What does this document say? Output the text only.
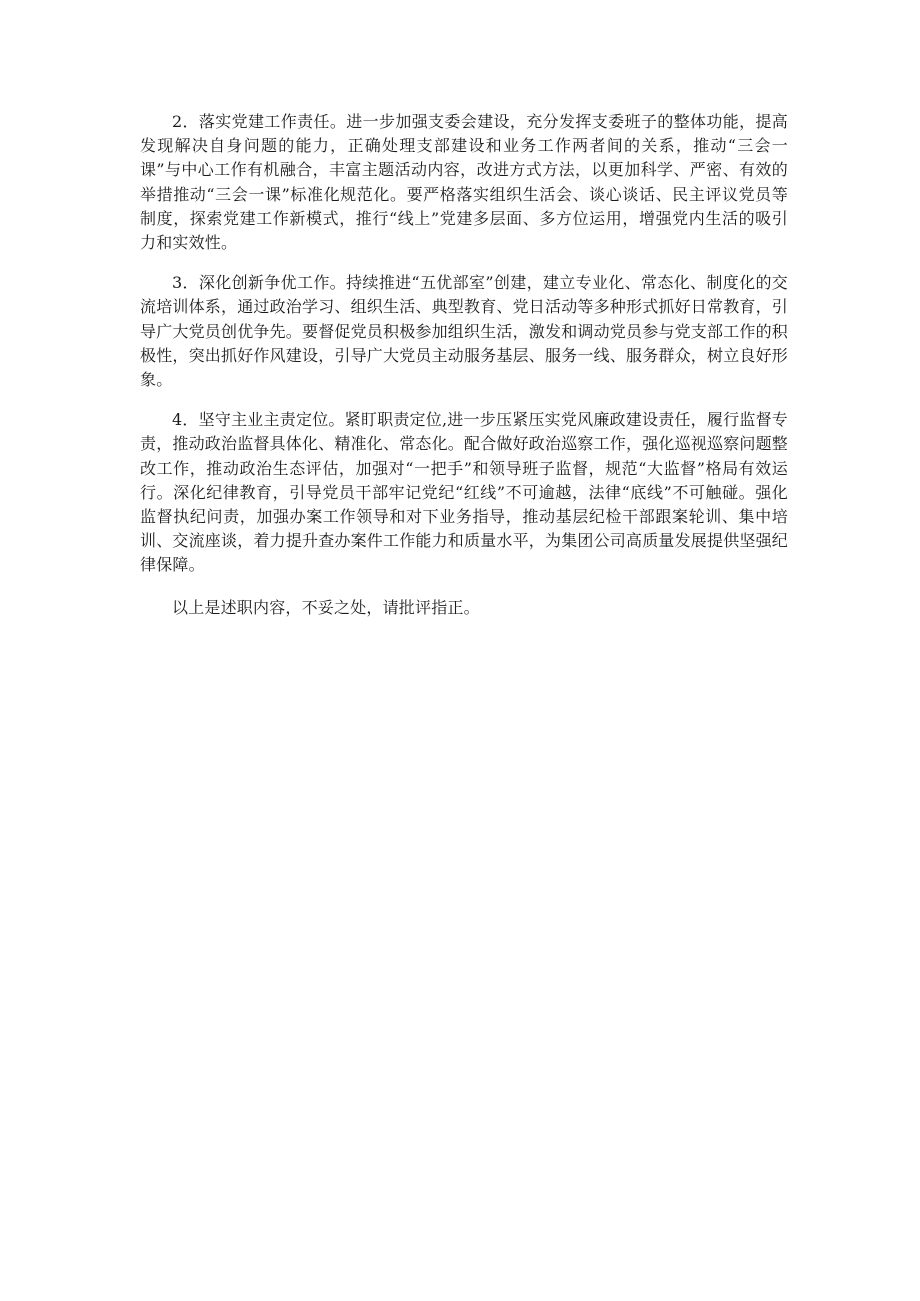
2．落实党建工作责任。进一步加强支委会建设，充分发挥支委班子的整体功能，提高发现解决自身问题的能力，正确处理支部建设和业务工作两者间的关系，推动“三会一课”与中心工作有机融合，丰富主题活动内容，改进方式方法，以更加科学、严密、有效的举措推动“三会一课”标准化规范化。要严格落实组织生活会、谈心谈话、民主评议党员等制度，探索党建工作新模式，推行“线上”党建多层面、多方位运用，增强党内生活的吸引力和实效性。

3．深化创新争优工作。持续推进“五优部室”创建，建立专业化、常态化、制度化的交流培训体系，通过政治学习、组织生活、典型教育、党日活动等多种形式抓好日常教育，引导广大党员创优争先。要督促党员积极参加组织生活，激发和调动党员参与党支部工作的积极性，突出抓好作风建设，引导广大党员主动服务基层、服务一线、服务群众，树立良好形象。

4．坚守主业主责定位。紧盯职责定位,进一步压紧压实党风廉政建设责任，履行监督专责，推动政治监督具体化、精准化、常态化。配合做好政治巡察工作，强化巡视巡察问题整改工作，推动政治生态评估，加强对“一把手”和领导班子监督，规范“大监督”格局有效运行。深化纪律教育，引导党员干部牢记党纪“红线”不可逾越，法律“底线”不可触碰。强化监督执纪问责，加强办案工作领导和对下业务指导，推动基层纪检干部跟案轮训、集中培训、交流座谈，着力提升查办案件工作能力和质量水平，为集团公司高质量发展提供坚强纪律保障。

以上是述职内容，不妥之处，请批评指正。
